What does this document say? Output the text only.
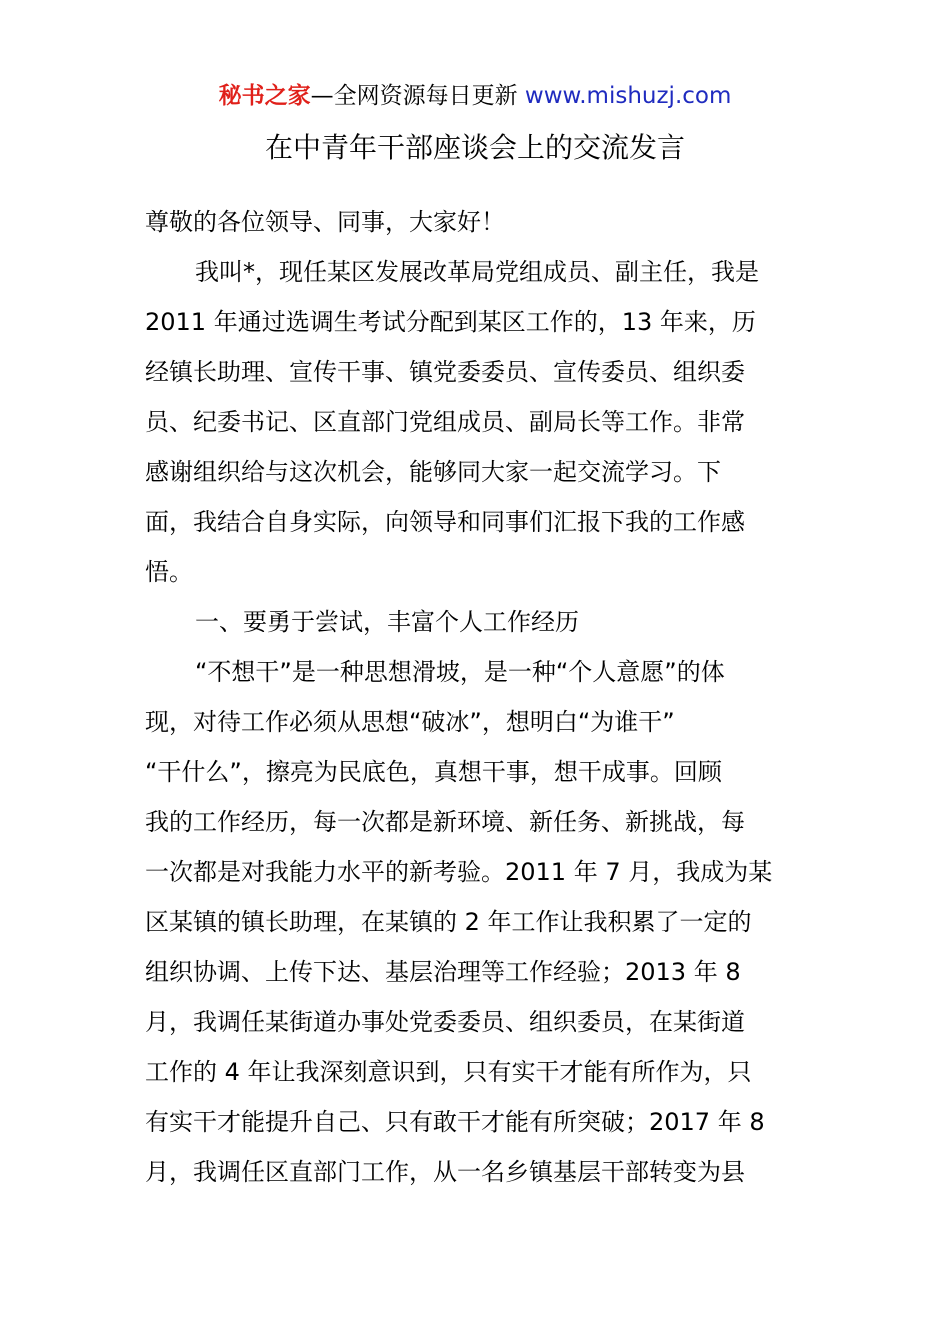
秘书之家—全网资源每日更新 www.mishuzj.com
在中青年干部座谈会上的交流发言
尊敬的各位领导、同事，大家好！
我叫*，现任某区发展改革局党组成员、副主任，我是
2011 年通过选调生考试分配到某区工作的，13 年来，历
经镇长助理、宣传干事、镇党委委员、宣传委员、组织委
员、纪委书记、区直部门党组成员、副局长等工作。非常
感谢组织给与这次机会，能够同大家一起交流学习。下
面，我结合自身实际，向领导和同事们汇报下我的工作感
悟。
一、要勇于尝试，丰富个人工作经历
“不想干”是一种思想滑坡，是一种“个人意愿”的体
现，对待工作必须从思想“破冰”，想明白“为谁干”
“干什么”，擦亮为民底色，真想干事，想干成事。回顾
我的工作经历，每一次都是新环境、新任务、新挑战，每
一次都是对我能力水平的新考验。2011 年 7 月，我成为某
区某镇的镇长助理，在某镇的 2 年工作让我积累了一定的
组织协调、上传下达、基层治理等工作经验；2013 年 8
月，我调任某街道办事处党委委员、组织委员，在某街道
工作的 4 年让我深刻意识到，只有实干才能有所作为，只
有实干才能提升自己、只有敢干才能有所突破；2017 年 8
月，我调任区直部门工作，从一名乡镇基层干部转变为县
